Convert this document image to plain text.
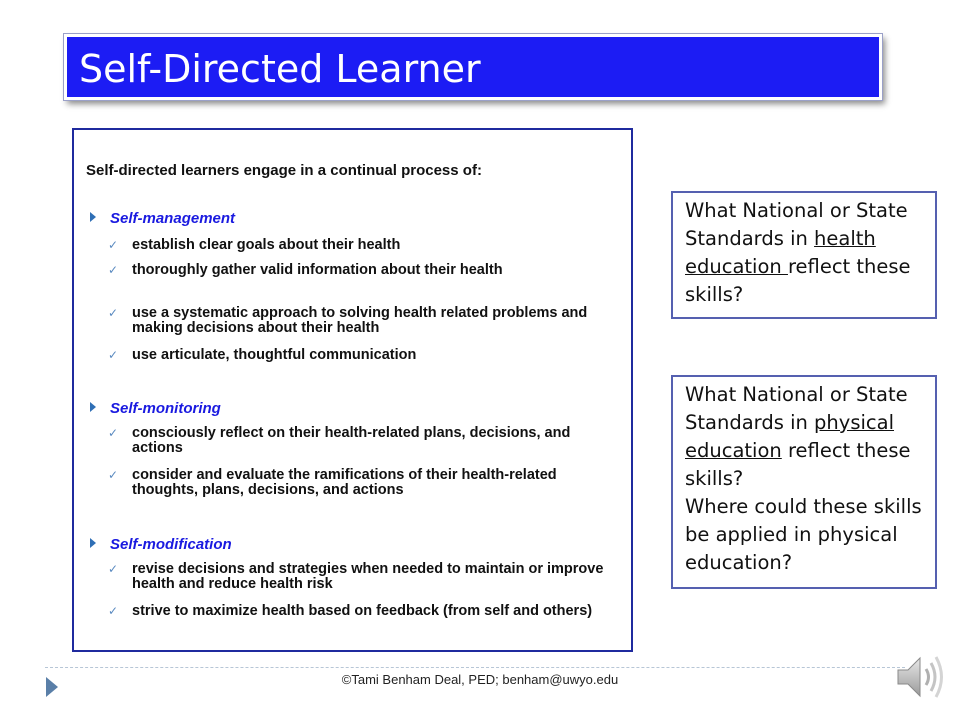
Self-Directed Learner
Self-directed learners engage in a continual process of:
Self-management
✓ establish clear goals about their health
✓ thoroughly gather valid information about their health
✓ use a systematic approach to solving health related problems and making decisions about their health
✓ use articulate, thoughtful communication
Self-monitoring
✓ consciously reflect on their health-related plans, decisions, and actions
✓ consider and evaluate the ramifications of their health-related thoughts, plans, decisions, and actions
Self-modification
✓ revise decisions and strategies when needed to maintain or improve health and reduce health risk
✓ strive to maximize health based on feedback (from self and others)
What National or State Standards in health education reflect these skills?
What National or State Standards in physical education reflect these skills?
Where could these skills be applied in physical education?
©Tami Benham Deal, PED; benham@uwyo.edu
